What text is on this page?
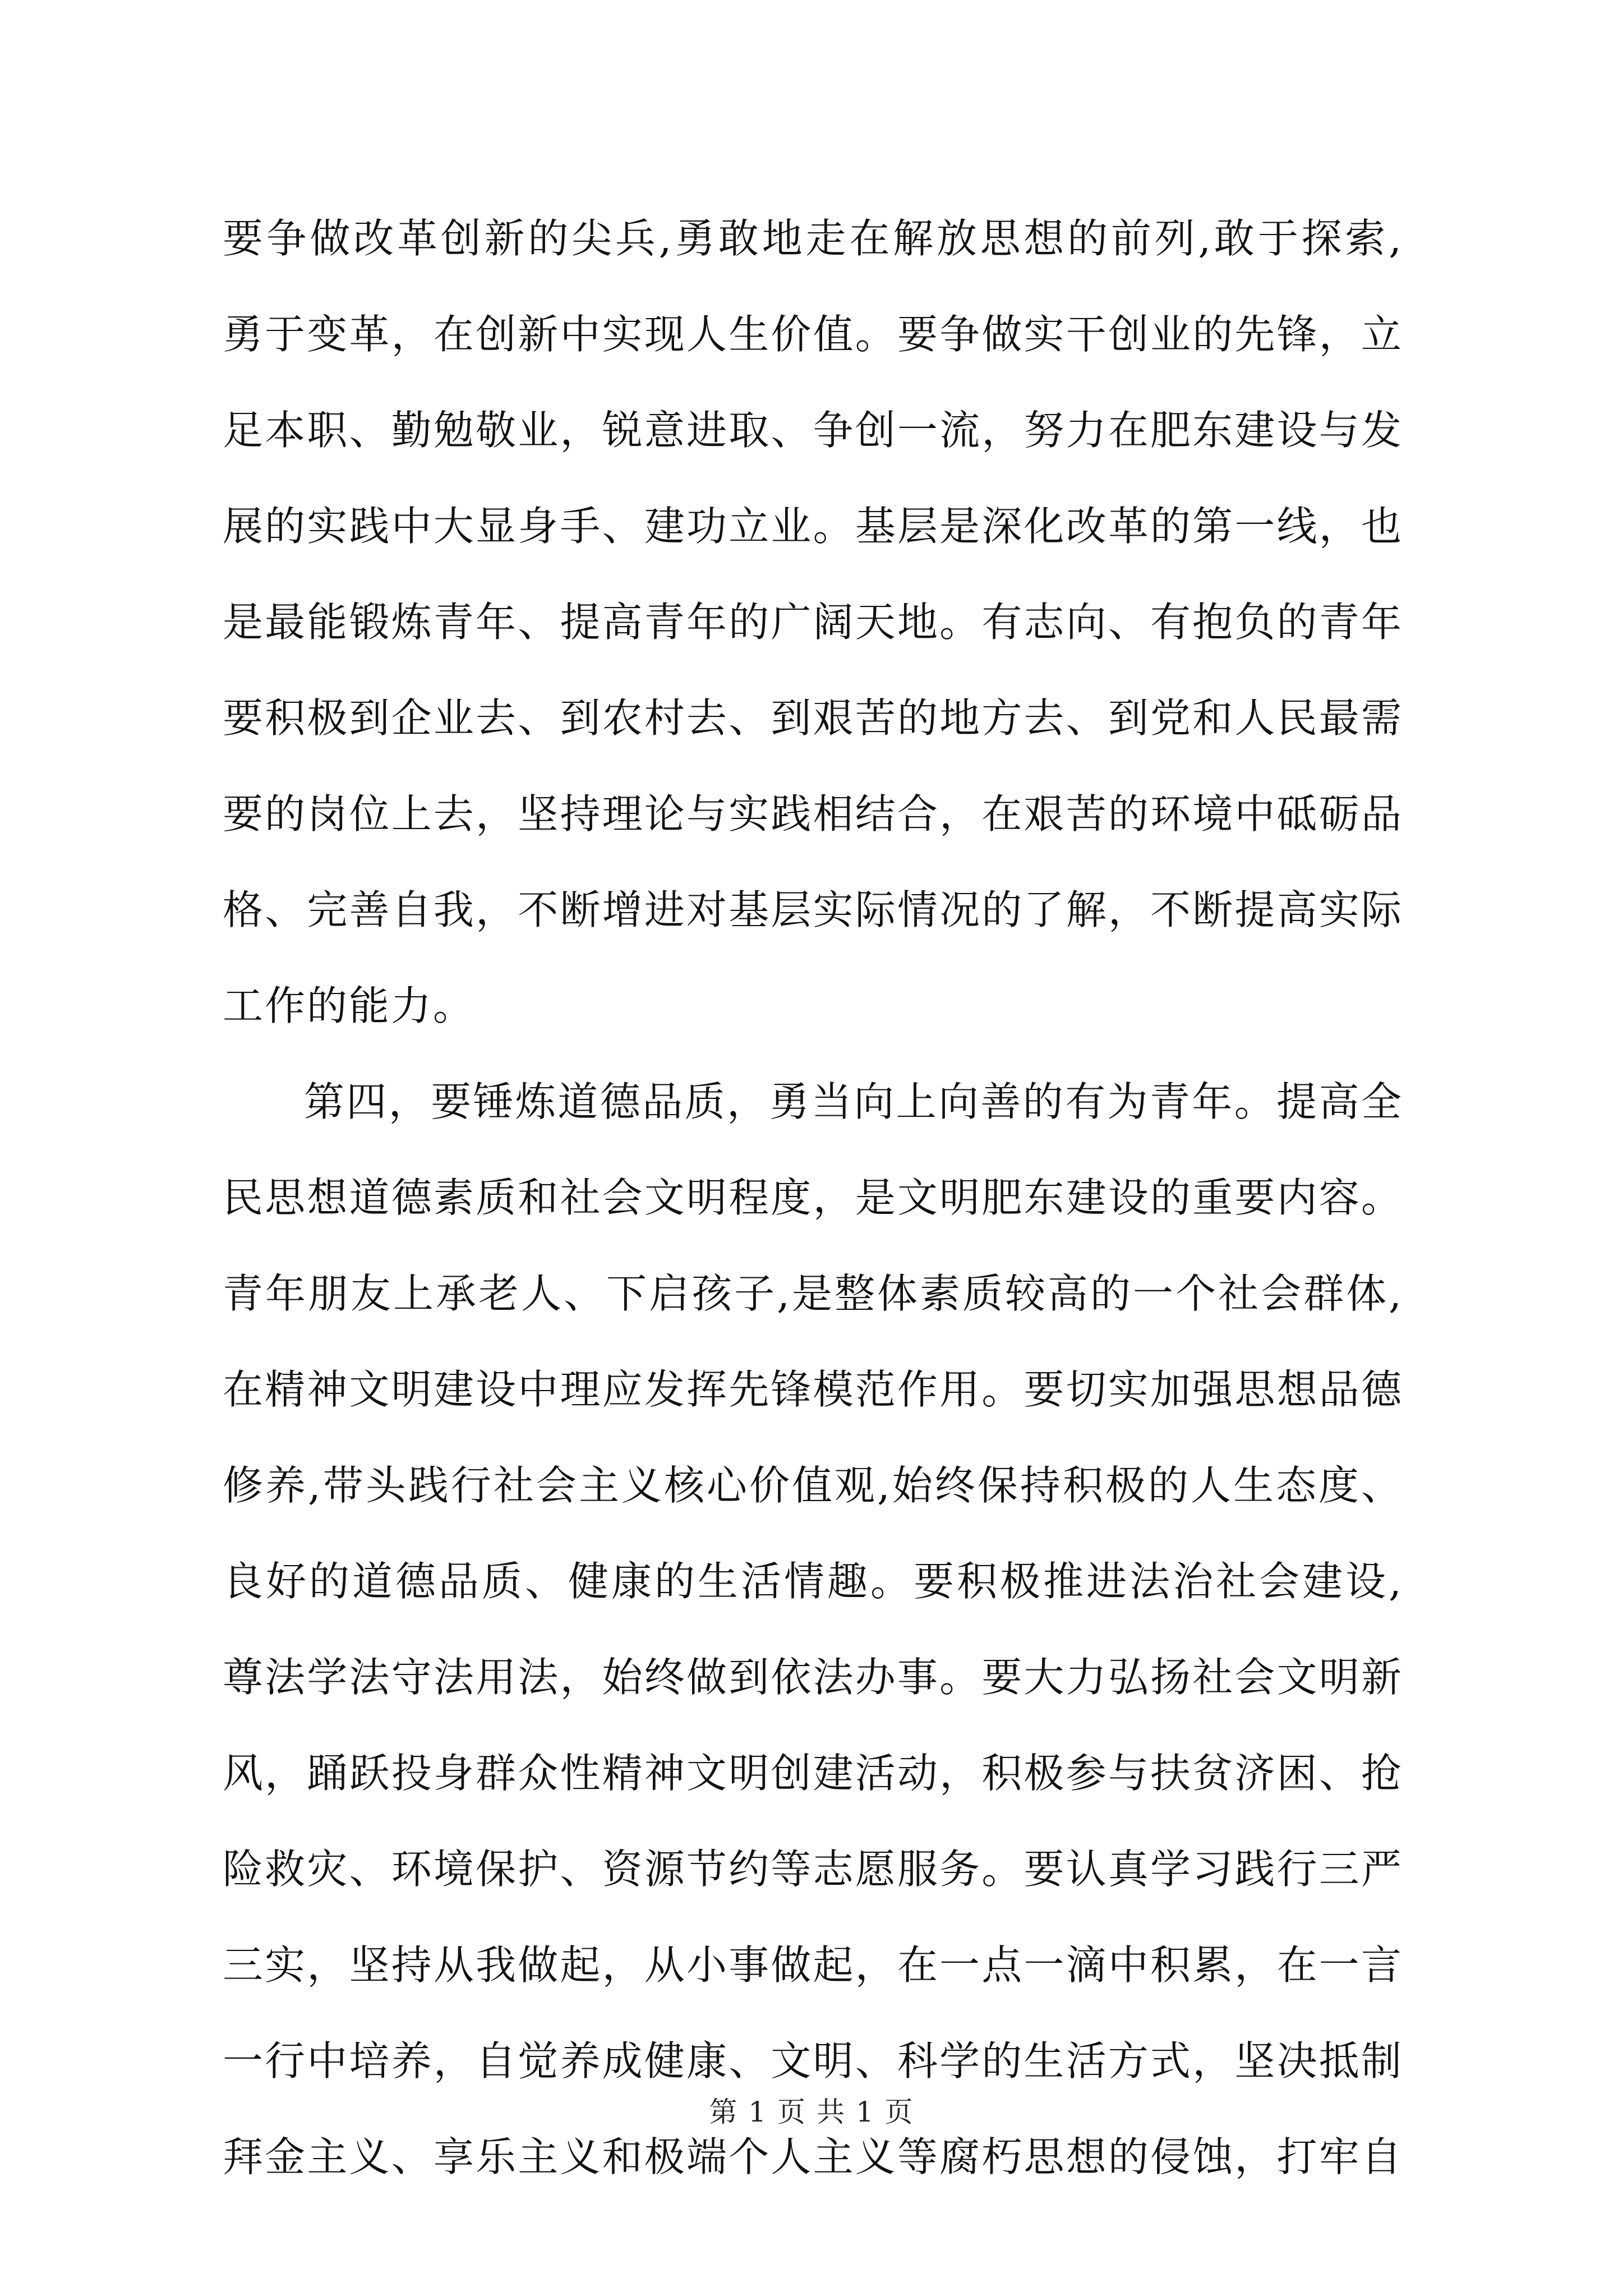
要争做改革创新的尖兵,勇敢地走在解放思想的前列,敢于探索,
勇于变革，在创新中实现人生价值。要争做实干创业的先锋，立
足本职、勤勉敬业，锐意进取、争创一流，努力在肥东建设与发
展的实践中大显身手、建功立业。基层是深化改革的第一线，也
是最能锻炼青年、提高青年的广阔天地。有志向、有抱负的青年
要积极到企业去、到农村去、到艰苦的地方去、到党和人民最需
要的岗位上去，坚持理论与实践相结合，在艰苦的环境中砥砺品
格、完善自我，不断增进对基层实际情况的了解，不断提高实际
工作的能力。
第四，要锤炼道德品质，勇当向上向善的有为青年。提高全
民思想道德素质和社会文明程度，是文明肥东建设的重要内容。
青年朋友上承老人、下启孩子,是整体素质较高的一个社会群体,
在精神文明建设中理应发挥先锋模范作用。要切实加强思想品德
修养,带头践行社会主义核心价值观,始终保持积极的人生态度、
良好的道德品质、健康的生活情趣。要积极推进法治社会建设,
尊法学法守法用法，始终做到依法办事。要大力弘扬社会文明新
风，踊跃投身群众性精神文明创建活动，积极参与扶贫济困、抢
险救灾、环境保护、资源节约等志愿服务。要认真学习践行三严
三实，坚持从我做起，从小事做起，在一点一滴中积累，在一言
一行中培养，自觉养成健康、文明、科学的生活方式，坚决抵制
拜金主义、享乐主义和极端个人主义等腐朽思想的侵蚀，打牢自
第 1 页 共 1 页
